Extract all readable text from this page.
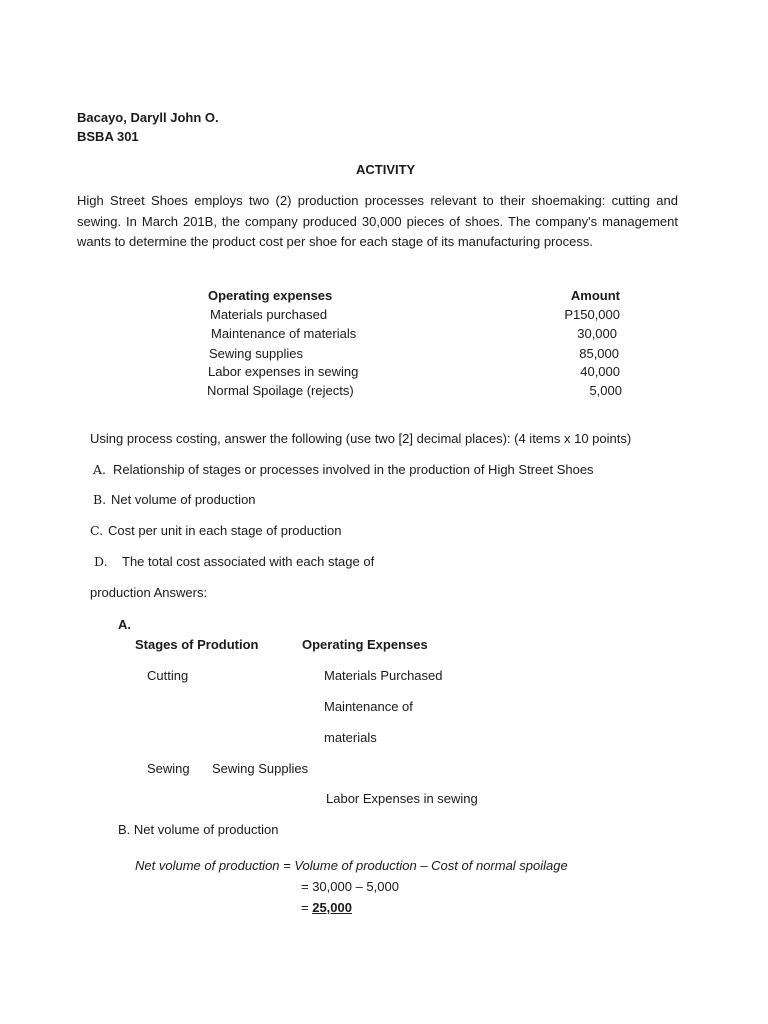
Bacayo, Daryll John O.
BSBA 301
ACTIVITY
High Street Shoes employs two (2) production processes relevant to their shoemaking: cutting and sewing. In March 201B, the company produced 30,000 pieces of shoes. The company's management wants to determine the product cost per shoe for each stage of its manufacturing process.
Operating expenses	Amount
Materials purchased	P150,000
Maintenance of materials	30,000
Sewing supplies	85,000
Labor expenses in sewing	40,000
Normal Spoilage (rejects)	5,000
Using process costing, answer the following (use two [2] decimal places): (4 items x 10 points)
A. Relationship of stages or processes involved in the production of High Street Shoes
B. Net volume of production
C. Cost per unit in each stage of production
D. The total cost associated with each stage of
production Answers:
A.
Stages of Prodution	Operating Expenses
Cutting	Materials Purchased
Maintenance of
materials
Sewing Sewing Supplies
Labor Expenses in sewing
B. Net volume of production
Net volume of production = Volume of production – Cost of normal spoilage
= 30,000 – 5,000
= 25,000
